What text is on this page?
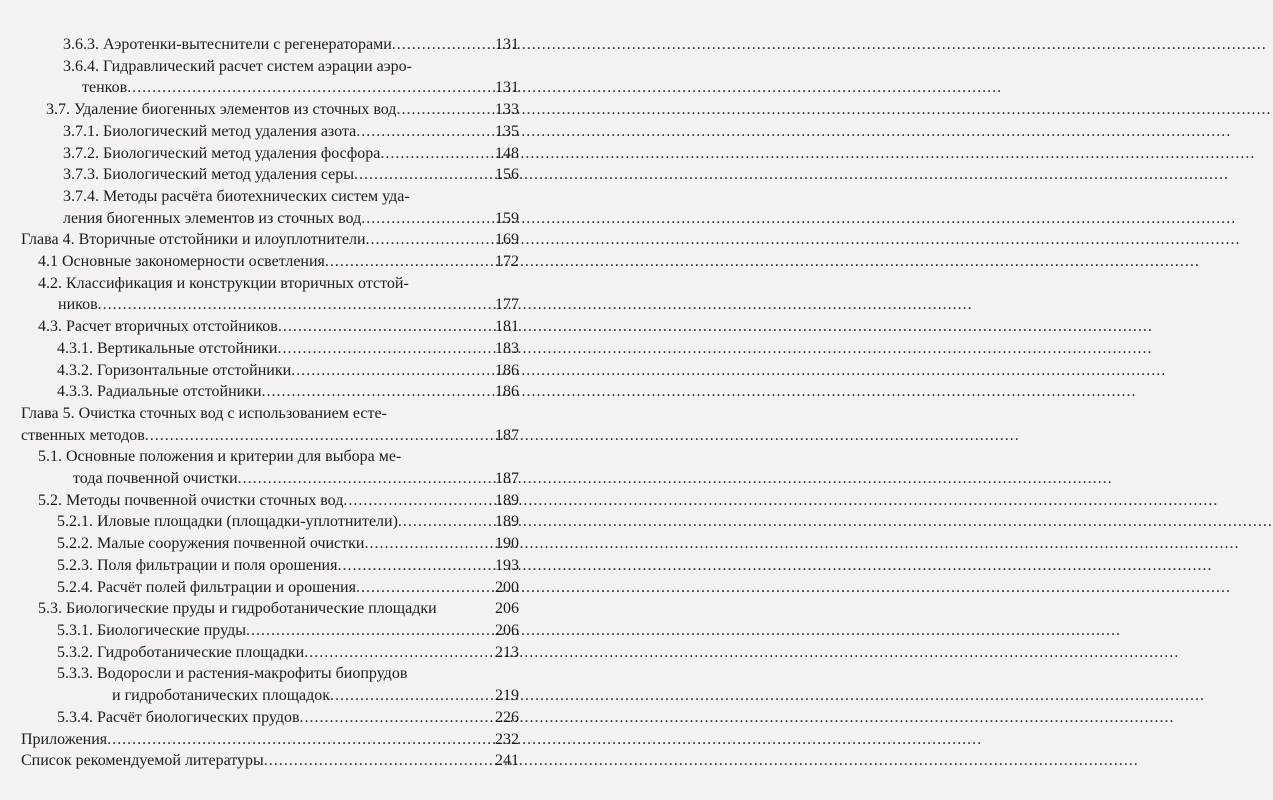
3.6.3. Аэротенки-вытеснители с регенераторами .....	131
3.6.4. Гидравлический расчет систем аэрации аэро-
тенков .....	131
3.7. Удаление биогенных элементов из сточных вод .....	133
3.7.1. Биологический метод удаления азота .....	135
3.7.2. Биологический метод удаления фосфора .....	148
3.7.3. Биологический метод удаления серы .....	156
3.7.4. Методы расчёта биотехнических систем уда-
ления биогенных элементов из сточных вод .....	159
Глава 4. Вторичные отстойники и илоуплотнители .....	169
4.1 Основные закономерности осветления .....	172
4.2. Классификация и конструкции вторичных отстой-
ников .....	177
4.3. Расчет вторичных отстойников .....	181
4.3.1. Вертикальные отстойники .....	183
4.3.2. Горизонтальные отстойники .....	186
4.3.3. Радиальные отстойники .....	186
Глава 5. Очистка сточных вод с использованием есте-
ственных методов .....	187
5.1. Основные положения и критерии для выбора ме-
тода почвенной очистки .....	187
5.2. Методы почвенной очистки сточных вод .....	189
5.2.1. Иловые площадки (площадки-уплотнители) .....	189
5.2.2. Малые сооружения почвенной очистки .....	190
5.2.3. Поля фильтрации и поля орошения .....	193
5.2.4. Расчёт полей фильтрации и орошения .....	200
5.3. Биологические пруды и гидроботанические площадки	206
5.3.1. Биологические пруды .....	206
5.3.2. Гидроботанические площадки .....	213
5.3.3. Водоросли и растения-макрофиты биопрудов
и гидроботанических площадок .....	219
5.3.4. Расчёт биологических прудов .....	226
Приложения .....	232
Список рекомендуемой литературы .....	241
